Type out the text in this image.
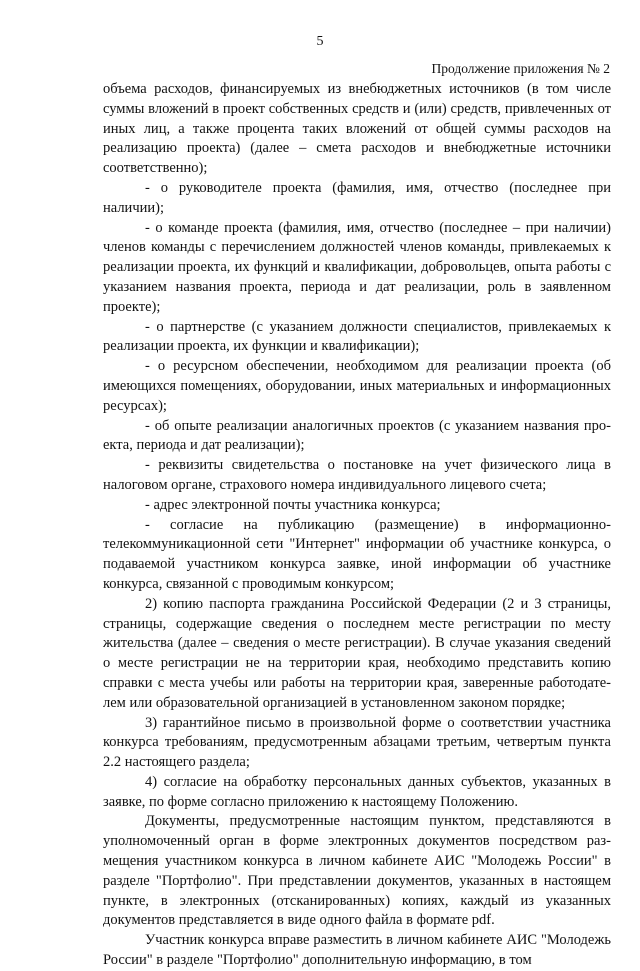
5
Продолжение приложения № 2

объема расходов, финансируемых из внебюджетных источников (в том числе суммы вложений в проект собственных средств и (или) средств, привлеченных от иных лиц, а также процента таких вложений от общей суммы расходов на реализацию проекта) (далее – смета расходов и внебюджетные источники соответственно);

- о руководителе проекта (фамилия, имя, отчество (последнее при наличии);

- о команде проекта (фамилия, имя, отчество (последнее – при наличии) членов команды с перечислением должностей членов команды, привлекаемых к реализации проекта, их функций и квалификации, добровольцев, опыта работы с указанием названия проекта, периода и дат реализации, роль в заявленном проекте);

- о партнерстве (с указанием должности специалистов, привлекаемых к реализации проекта, их функции и квалификации);

- о ресурсном обеспечении, необходимом для реализации проекта (об имеющихся помещениях, оборудовании, иных материальных и информационных ресурсах);

- об опыте реализации аналогичных проектов (с указанием названия проекта, периода и дат реализации);

- реквизиты свидетельства о постановке на учет физического лица в налоговом органе, страхового номера индивидуального лицевого счета;

- адрес электронной почты участника конкурса;

- согласие на публикацию (размещение) в информационно-телекоммуникационной сети "Интернет" информации об участнике конкурса, о подаваемой участником конкурса заявке, иной информации об участнике конкурса, связанной с проводимым конкурсом;

2) копию паспорта гражданина Российской Федерации (2 и 3 страницы, страницы, содержащие сведения о последнем месте регистрации по месту жительства (далее – сведения о месте регистрации). В случае указания сведений о месте регистрации не на территории края, необходимо представить копию справки с места учебы или работы на территории края, заверенные работодателем или образовательной организацией в установленном законом порядке;

3) гарантийное письмо в произвольной форме о соответствии участника конкурса требованиям, предусмотренным абзацами третьим, четвертым пункта 2.2 настоящего раздела;

4) согласие на обработку персональных данных субъектов, указанных в заявке, по форме согласно приложению к настоящему Положению.

Документы, предусмотренные настоящим пунктом, представляются в уполномоченный орган в форме электронных документов посредством размещения участником конкурса в личном кабинете АИС "Молодежь России" в разделе "Портфолио". При представлении документов, указанных в настоящем пункте, в электронных (отсканированных) копиях, каждый из указанных документов представляется в виде одного файла в формате pdf.

Участник конкурса вправе разместить в личном кабинете АИС "Молодежь России" в разделе "Портфолио" дополнительную информацию, в том
